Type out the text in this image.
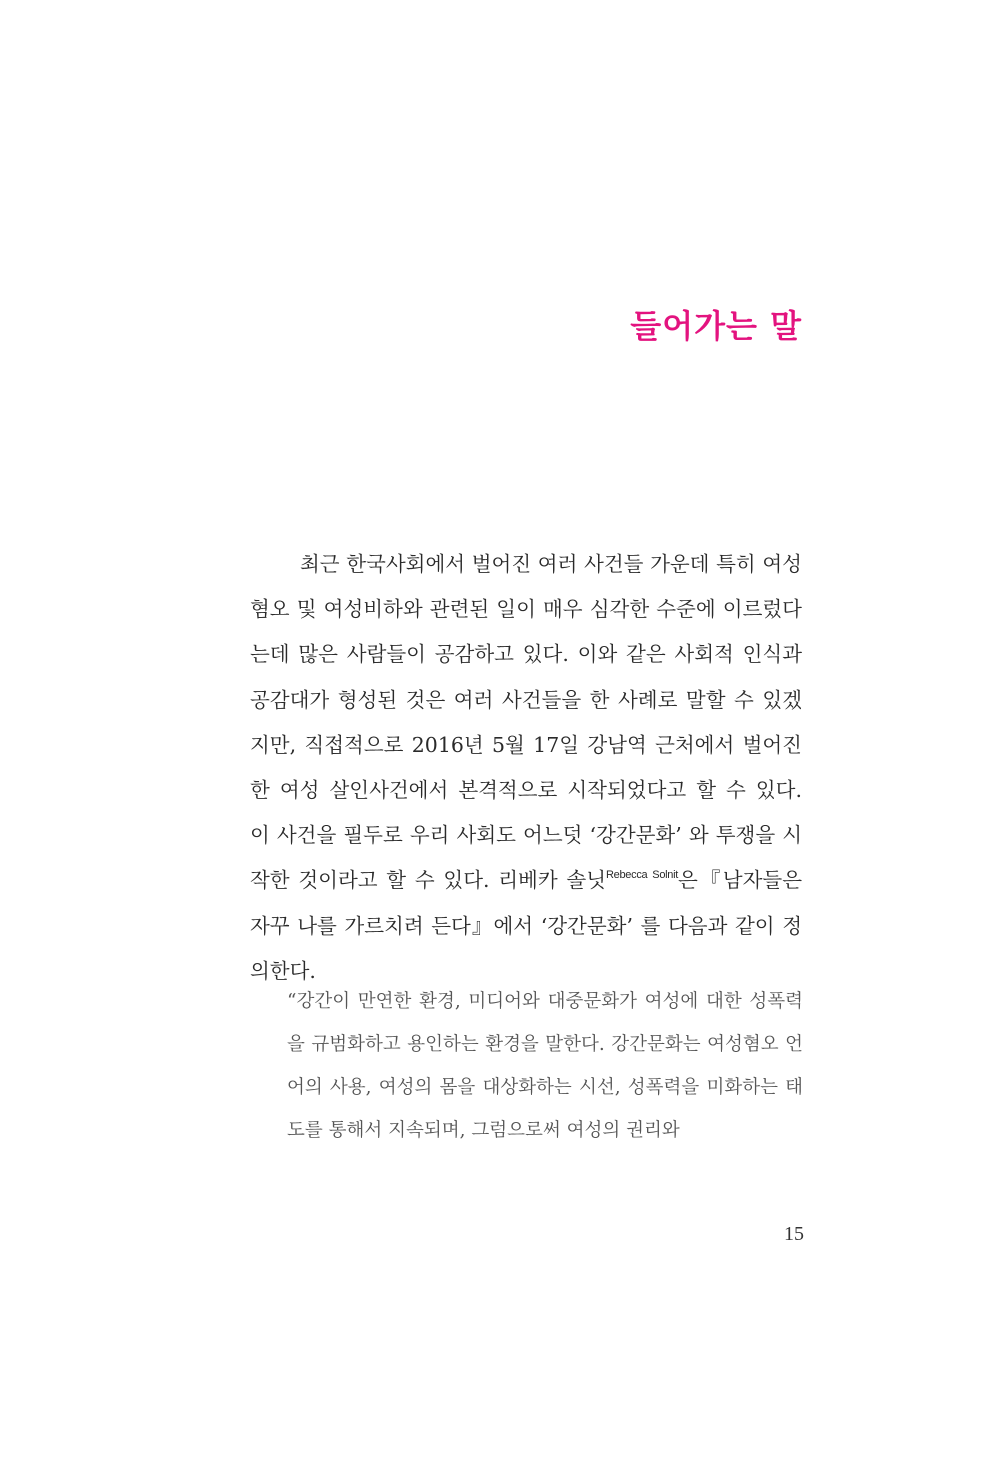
들어가는 말

최근 한국사회에서 벌어진 여러 사건들 가운데 특히 여성혐오 및 여성비하와 관련된 일이 매우 심각한 수준에 이르렀다는데 많은 사람들이 공감하고 있다. 이와 같은 사회적 인식과 공감대가 형성된 것은 여러 사건들을 한 사례로 말할 수 있겠지만, 직접적으로 2016년 5월 17일 강남역 근처에서 벌어진 한 여성 살인사건에서 본격적으로 시작되었다고 할 수 있다. 이 사건을 필두로 우리 사회도 어느덧 ‘강간문화’ 와 투쟁을 시작한 것이라고 할 수 있다. 리베카 솔닛$^{Rebecca Solnit}$은『남자들은 자꾸 나를 가르치려 든다』에서 ‘강간문화’ 를 다음과 같이 정의한다.

“강간이 만연한 환경, 미디어와 대중문화가 여성에 대한 성폭력을 규범화하고 용인하는 환경을 말한다. 강간문화는 여성혐오 언어의 사용, 여성의 몸을 대상화하는 시선, 성폭력을 미화하는 태도를 통해서 지속되며, 그럼으로써 여성의 권리와

15
